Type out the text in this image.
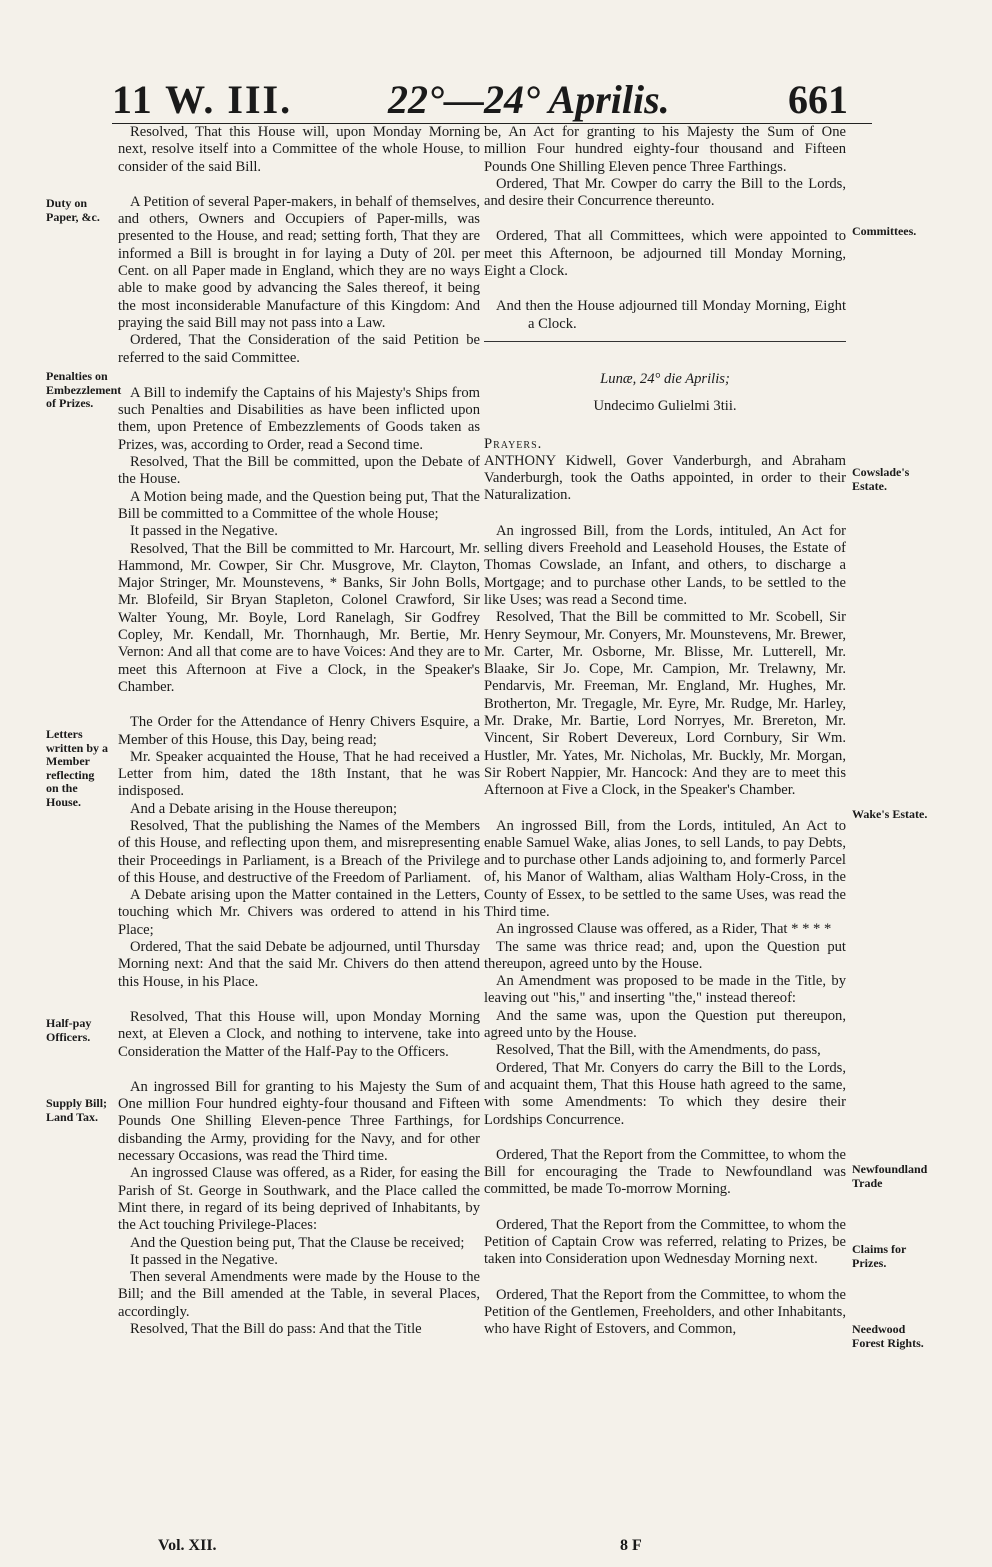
11 W. III. 22°—24° Aprilis.	661
Duty on Paper, &c.
Penalties on Embezzlement of Prizes.
Letters written by a Member reflecting on the House.
Half-pay Officers.
Supply Bill; Land Tax.
Committees.
Cowslade's Estate.
Wake's Estate.
Newfoundland Trade
Claims for Prizes.
Needwood Forest Rights.

Resolved, That this House will, upon Monday Morning next, resolve itself into a Committee of the whole House, to consider of the said Bill.

A Petition of several Paper-makers, in behalf of themselves, and others, Owners and Occupiers of Paper-mills, was presented to the House, and read; setting forth, That they are informed a Bill is brought in for laying a Duty of 20l. per Cent. on all Paper made in England, which they are no ways able to make good by advancing the Sales thereof, it being the most inconsiderable Manufacture of this Kingdom: And praying the said Bill may not pass into a Law.

Ordered, That the Consideration of the said Petition be referred to the said Committee.

A Bill to indemify the Captains of his Majesty's Ships from such Penalties and Disabilities as have been inflicted upon them, upon Pretence of Embezzlements of Goods taken as Prizes, was, according to Order, read a Second time.

Resolved, That the Bill be committed, upon the Debate of the House.

A Motion being made, and the Question being put, That the Bill be committed to a Committee of the whole House;

It passed in the Negative.

Resolved, That the Bill be committed to Mr. Harcourt, Mr. Hammond, Mr. Cowper, Sir Chr. Musgrove, Mr. Clayton, Major Stringer, Mr. Mounstevens, * Banks, Sir John Bolls, Mr. Blofeild, Sir Bryan Stapleton, Colonel Crawford, Sir Walter Young, Mr. Boyle, Lord Ranelagh, Sir Godfrey Copley, Mr. Kendall, Mr. Thornhaugh, Mr. Bertie, Mr. Vernon: And all that come are to have Voices: And they are to meet this Afternoon at Five a Clock, in the Speaker's Chamber.

The Order for the Attendance of Henry Chivers Esquire, a Member of this House, this Day, being read;

Mr. Speaker acquainted the House, That he had received a Letter from him, dated the 18th Instant, that he was indisposed.

And a Debate arising in the House thereupon;

Resolved, That the publishing the Names of the Members of this House, and reflecting upon them, and misrepresenting their Proceedings in Parliament, is a Breach of the Privilege of this House, and destructive of the Freedom of Parliament.

A Debate arising upon the Matter contained in the Letters, touching which Mr. Chivers was ordered to attend in his Place;

Ordered, That the said Debate be adjourned, until Thursday Morning next: And that the said Mr. Chivers do then attend this House, in his Place.

Resolved, That this House will, upon Monday Morning next, at Eleven a Clock, and nothing to intervene, take into Consideration the Matter of the Half-Pay to the Officers.

An ingrossed Bill for granting to his Majesty the Sum of One million Four hundred eighty-four thousand and Fifteen Pounds One Shilling Eleven-pence Three Farthings, for disbanding the Army, providing for the Navy, and for other necessary Occasions, was read the Third time.

An ingrossed Clause was offered, as a Rider, for easing the Parish of St. George in Southwark, and the Place called the Mint there, in regard of its being deprived of Inhabitants, by the Act touching Privilege-Places:

And the Question being put, That the Clause be received;

It passed in the Negative.

Then several Amendments were made by the House to the Bill; and the Bill amended at the Table, in several Places, accordingly.

Resolved, That the Bill do pass: And that the Title

be, An Act for granting to his Majesty the Sum of One million Four hundred eighty-four thousand and Fifteen Pounds One Shilling Eleven pence Three Farthings.

Ordered, That Mr. Cowper do carry the Bill to the Lords, and desire their Concurrence thereunto.

Ordered, That all Committees, which were appointed to meet this Afternoon, be adjourned till Monday Morning, Eight a Clock.

And then the House adjourned till Monday Morning, Eight a Clock.

Lunæ, 24° die Aprilis;

Undecimo Gulielmi 3tii.

Prayers.

ANTHONY Kidwell, Gover Vanderburgh, and Abraham Vanderburgh, took the Oaths appointed, in order to their Naturalization.

An ingrossed Bill, from the Lords, intituled, An Act for selling divers Freehold and Leasehold Houses, the Estate of Thomas Cowslade, an Infant, and others, to discharge a Mortgage; and to purchase other Lands, to be settled to the like Uses; was read a Second time.

Resolved, That the Bill be committed to Mr. Scobell, Sir Henry Seymour, Mr. Conyers, Mr. Mounstevens, Mr. Brewer, Mr. Carter, Mr. Osborne, Mr. Blisse, Mr. Lutterell, Mr. Blaake, Sir Jo. Cope, Mr. Campion, Mr. Trelawny, Mr. Pendarvis, Mr. Freeman, Mr. England, Mr. Hughes, Mr. Brotherton, Mr. Tregagle, Mr. Eyre, Mr. Rudge, Mr. Harley, Mr. Drake, Mr. Bartie, Lord Norryes, Mr. Brereton, Mr. Vincent, Sir Robert Devereux, Lord Cornbury, Sir Wm. Hustler, Mr. Yates, Mr. Nicholas, Mr. Buckly, Mr. Morgan, Sir Robert Nappier, Mr. Hancock: And they are to meet this Afternoon at Five a Clock, in the Speaker's Chamber.

An ingrossed Bill, from the Lords, intituled, An Act to enable Samuel Wake, alias Jones, to sell Lands, to pay Debts, and to purchase other Lands adjoining to, and formerly Parcel of, his Manor of Waltham, alias Waltham Holy-Cross, in the County of Essex, to be settled to the same Uses, was read the Third time.

An ingrossed Clause was offered, as a Rider, That * * * *

The same was thrice read; and, upon the Question put thereupon, agreed unto by the House.

An Amendment was proposed to be made in the Title, by leaving out "his," and inserting "the," instead thereof:

And the same was, upon the Question put thereupon, agreed unto by the House.

Resolved, That the Bill, with the Amendments, do pass,

Ordered, That Mr. Conyers do carry the Bill to the Lords, and acquaint them, That this House hath agreed to the same, with some Amendments: To which they desire their Lordships Concurrence.

Ordered, That the Report from the Committee, to whom the Bill for encouraging the Trade to Newfoundland was committed, be made To-morrow Morning.

Ordered, That the Report from the Committee, to whom the Petition of Captain Crow was referred, relating to Prizes, be taken into Consideration upon Wednesday Morning next.

Ordered, That the Report from the Committee, to whom the Petition of the Gentlemen, Freeholders, and other Inhabitants, who have Right of Estovers, and Common,

Vol. XII.	8 F
